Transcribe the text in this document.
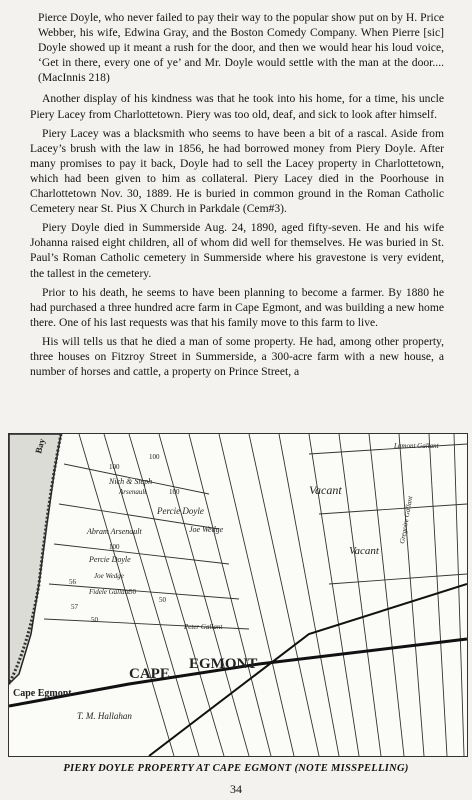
Pierce Doyle, who never failed to pay their way to the popular show put on by H. Price Webber, his wife, Edwina Gray, and the Boston Comedy Company. When Pierre [sic] Doyle showed up it meant a rush for the door, and then we would hear his loud voice, ‘Get in there, every one of ye’ and Mr. Doyle would settle with the man at the door.... (MacInnis 218)

Another display of his kindness was that he took into his home, for a time, his uncle Piery Lacey from Charlottetown. Piery was too old, deaf, and sick to look after himself.

Piery Lacey was a blacksmith who seems to have been a bit of a rascal. Aside from Lacey’s brush with the law in 1856, he had borrowed money from Piery Doyle. After many promises to pay it back, Doyle had to sell the Lacey property in Charlottetown, which had been given to him as collateral. Piery Lacey died in the Poorhouse in Charlottetown Nov. 30, 1889. He is buried in common ground in the Roman Catholic Cemetery near St. Pius X Church in Parkdale (Cem#3).

Piery Doyle died in Summerside Aug. 24, 1890, aged fifty-seven. He and his wife Johanna raised eight children, all of whom did well for themselves. He was buried in St. Paul’s Roman Catholic cemetery in Summerside where his gravestone is very evident, the tallest in the cemetery.

Prior to his death, he seems to have been planning to become a farmer. By 1880 he had purchased a three hundred acre farm in Cape Egmont, and was building a new home there. One of his last requests was that his family move to this farm to live.

His will tells us that he died a man of some property. He had, among other property, three houses on Fitzroy Street in Summerside, a 300-acre farm with a new house, a number of horses and cattle, a property on Prince Street, a

Cape Egmont
CAPE
EGMONT
Vacant
Vacant
Percie Doyle
Percie Doyle
Joe Wedge
Joe Wedge
Abram Arsenault
Nich & Steph
Arsenault
Peter Gallant
Fidele Gallant
T. M. Hallahan
Lamont Gallant
Gregoire Gallant
Bay
100
100
100
100
56
50
50
57
50
PIERY DOYLE PROPERTY AT CAPE EGMONT (NOTE MISSPELLING)
34
